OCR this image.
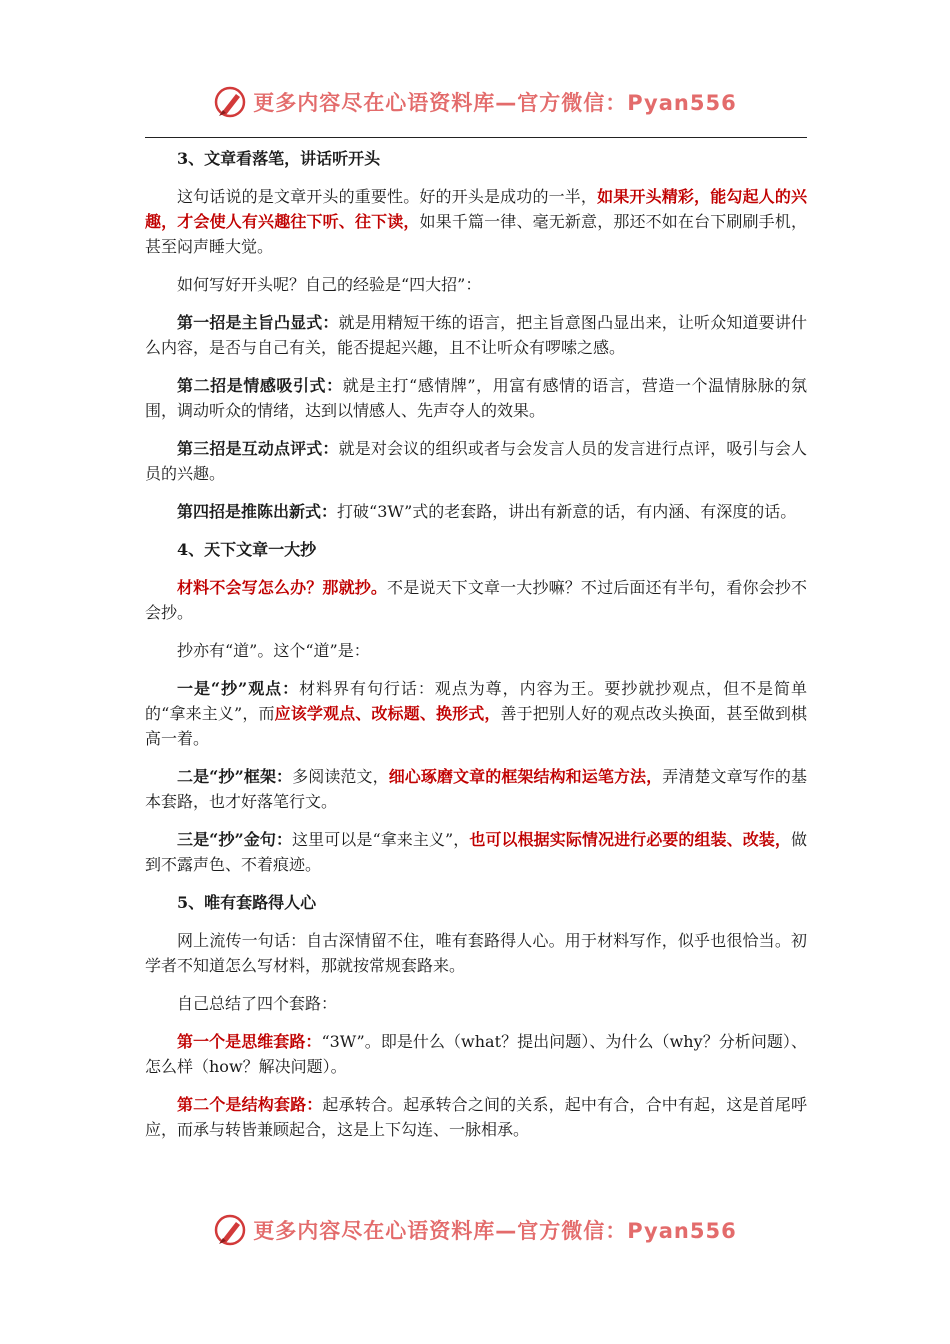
更多内容尽在心语资料库—官方微信：Pyan556

3、文章看落笔，讲话听开头

这句话说的是文章开头的重要性。好的开头是成功的一半，如果开头精彩，能勾起人的兴趣，才会使人有兴趣往下听、往下读，如果千篇一律、毫无新意，那还不如在台下刷刷手机，甚至闷声睡大觉。

如何写好开头呢？自己的经验是“四大招”：

第一招是主旨凸显式：就是用精短干练的语言，把主旨意图凸显出来，让听众知道要讲什么内容，是否与自己有关，能否提起兴趣，且不让听众有啰嗦之感。

第二招是情感吸引式：就是主打“感情牌”，用富有感情的语言，营造一个温情脉脉的氛围，调动听众的情绪，达到以情感人、先声夺人的效果。

第三招是互动点评式：就是对会议的组织或者与会发言人员的发言进行点评，吸引与会人员的兴趣。

第四招是推陈出新式：打破“3W”式的老套路，讲出有新意的话，有内涵、有深度的话。

4、天下文章一大抄

材料不会写怎么办？那就抄。不是说天下文章一大抄嘛？不过后面还有半句，看你会抄不会抄。

抄亦有“道”。这个“道”是：

一是“抄”观点：材料界有句行话：观点为尊，内容为王。要抄就抄观点，但不是简单的“拿来主义”，而应该学观点、改标题、换形式，善于把别人好的观点改头换面，甚至做到棋高一着。

二是“抄”框架：多阅读范文，细心琢磨文章的框架结构和运笔方法，弄清楚文章写作的基本套路，也才好落笔行文。

三是“抄”金句：这里可以是“拿来主义”，也可以根据实际情况进行必要的组装、改装，做到不露声色、不着痕迹。

5、唯有套路得人心

网上流传一句话：自古深情留不住，唯有套路得人心。用于材料写作，似乎也很恰当。初学者不知道怎么写材料，那就按常规套路来。

自己总结了四个套路：

第一个是思维套路：“3W”。即是什么（what？提出问题）、为什么（why？分析问题）、怎么样（how？解决问题）。

第二个是结构套路：起承转合。起承转合之间的关系，起中有合，合中有起，这是首尾呼应，而承与转皆兼顾起合，这是上下勾连、一脉相承。

更多内容尽在心语资料库—官方微信：Pyan556
